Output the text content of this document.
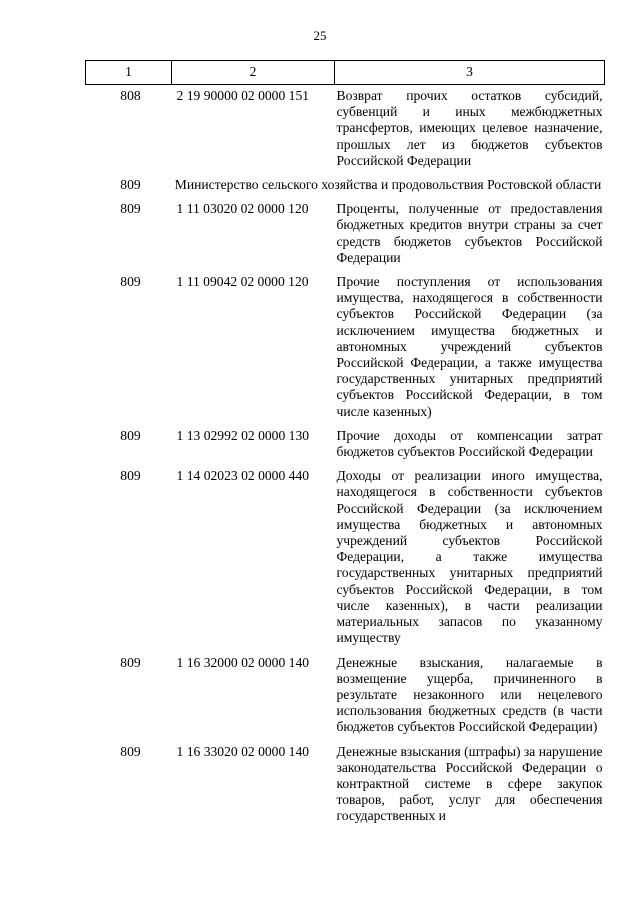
25
1	2	3
808	2 19 90000 02 0000 151	Возврат прочих остатков субсидий, субвенций и иных межбюджетных трансфертов, имеющих целевое назначение, прошлых лет из бюджетов субъектов Российской Федерации
809	Министерство сельского хозяйства и продовольствия Ростовской области	
809	1 11 03020 02 0000 120	Проценты, полученные от предоставления бюджетных кредитов внутри страны за счет средств бюджетов субъектов Российской Федерации
809	1 11 09042 02 0000 120	Прочие поступления от использования имущества, находящегося в собственности субъектов Российской Федерации (за исключением имущества бюджетных и автономных учреждений субъектов Российской Федерации, а также имущества государственных унитарных предприятий субъектов Российской Федерации, в том числе казенных)
809	1 13 02992 02 0000 130	Прочие доходы от компенсации затрат бюджетов субъектов Российской Федерации
809	1 14 02023 02 0000 440	Доходы от реализации иного имущества, находящегося в собственности субъектов Российской Федерации (за исключением имущества бюджетных и автономных учреждений субъектов Российской Федерации, а также имущества государственных унитарных предприятий субъектов Российской Федерации, в том числе казенных), в части реализации материальных запасов по указанному имуществу
809	1 16 32000 02 0000 140	Денежные взыскания, налагаемые в возмещение ущерба, причиненного в результате незаконного или нецелевого использования бюджетных средств (в части бюджетов субъектов Российской Федерации)
809	1 16 33020 02 0000 140	Денежные взыскания (штрафы) за нарушение законодательства Российской Федерации о контрактной системе в сфере закупок товаров, работ, услуг для обеспечения государственных и
